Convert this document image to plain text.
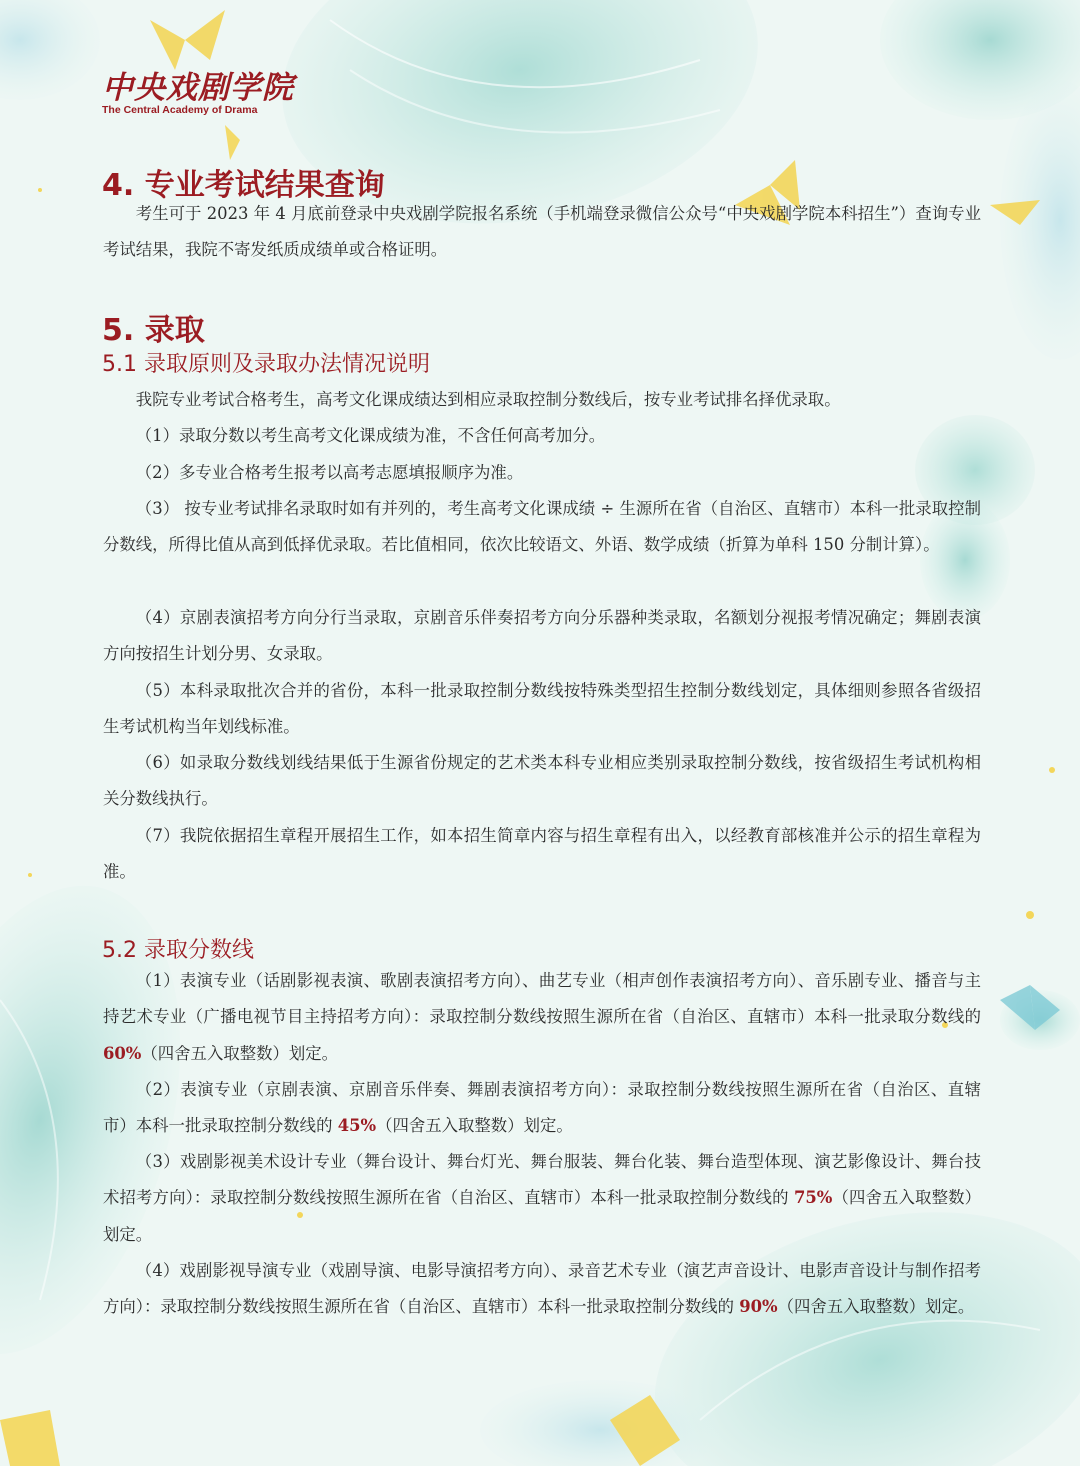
中央戏剧学院
The Central Academy of Drama
4. 专业考试结果查询

考生可于 2023 年 4 月底前登录中央戏剧学院报名系统（手机端登录微信公众号“中央戏剧学院本科招生”）查询专业考试结果，我院不寄发纸质成绩单或合格证明。

5. 录取
5.1 录取原则及录取办法情况说明

我院专业考试合格考生，高考文化课成绩达到相应录取控制分数线后，按专业考试排名择优录取。

（1）录取分数以考生高考文化课成绩为准，不含任何高考加分。

（2）多专业合格考生报考以高考志愿填报顺序为准。

（3） 按专业考试排名录取时如有并列的，考生高考文化课成绩 ÷ 生源所在省（自治区、直辖市）本科一批录取控制分数线，所得比值从高到低择优录取。若比值相同，依次比较语文、外语、数学成绩（折算为单科 150 分制计算）。

（4）京剧表演招考方向分行当录取，京剧音乐伴奏招考方向分乐器种类录取，名额划分视报考情况确定；舞剧表演方向按招生计划分男、女录取。

（5）本科录取批次合并的省份，本科一批录取控制分数线按特殊类型招生控制分数线划定，具体细则参照各省级招生考试机构当年划线标准。

（6）如录取分数线划线结果低于生源省份规定的艺术类本科专业相应类别录取控制分数线，按省级招生考试机构相关分数线执行。

（7）我院依据招生章程开展招生工作，如本招生简章内容与招生章程有出入，以经教育部核准并公示的招生章程为准。

5.2 录取分数线

（1）表演专业（话剧影视表演、歌剧表演招考方向）、曲艺专业（相声创作表演招考方向）、音乐剧专业、播音与主持艺术专业（广播电视节目主持招考方向）：录取控制分数线按照生源所在省（自治区、直辖市）本科一批录取分数线的 60%（四舍五入取整数）划定。

（2）表演专业（京剧表演、京剧音乐伴奏、舞剧表演招考方向）：录取控制分数线按照生源所在省（自治区、直辖市）本科一批录取控制分数线的 45%（四舍五入取整数）划定。

（3）戏剧影视美术设计专业（舞台设计、舞台灯光、舞台服装、舞台化装、舞台造型体现、演艺影像设计、舞台技术招考方向）：录取控制分数线按照生源所在省（自治区、直辖市）本科一批录取控制分数线的 75%（四舍五入取整数）划定。

（4）戏剧影视导演专业（戏剧导演、电影导演招考方向）、录音艺术专业（演艺声音设计、电影声音设计与制作招考方向）：录取控制分数线按照生源所在省（自治区、直辖市）本科一批录取控制分数线的 90%（四舍五入取整数）划定。
